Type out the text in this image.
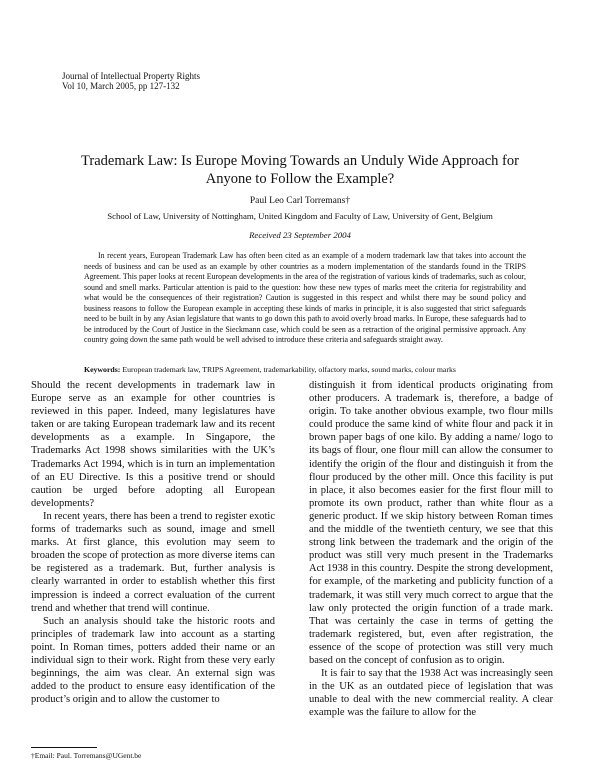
Journal of Intellectual Property Rights
Vol 10, March 2005, pp 127-132
Trademark Law: Is Europe Moving Towards an Unduly Wide Approach for
Anyone to Follow the Example?
Paul Leo Carl Torremans†
School of Law, University of Nottingham, United Kingdom and Faculty of Law, University of Gent, Belgium
Received 23 September 2004

In recent years, European Trademark Law has often been cited as an example of a modern trademark law that takes into account the needs of business and can be used as an example by other countries as a modern implementation of the standards found in the TRIPS Agreement. This paper looks at recent European developments in the area of the registration of various kinds of trademarks, such as colour, sound and smell marks. Particular attention is paid to the question: how these new types of marks meet the criteria for registrability and what would be the consequences of their registration? Caution is suggested in this respect and whilst there may be sound policy and business reasons to follow the European example in accepting these kinds of marks in principle, it is also suggested that strict safeguards need to be built in by any Asian legislature that wants to go down this path to avoid overly broad marks. In Europe, these safeguards had to be introduced by the Court of Justice in the Sieckmann case, which could be seen as a retraction of the original permissive approach. Any country going down the same path would be well advised to introduce these criteria and safeguards straight away.

Keywords: European trademark law, TRIPS Agreement, trademarkability, olfactory marks, sound marks, colour marks

Should the recent developments in trademark law in Europe serve as an example for other countries is reviewed in this paper. Indeed, many legislatures have taken or are taking European trademark law and its recent developments as a example. In Singapore, the Trademarks Act 1998 shows similarities with the UK’s Trademarks Act 1994, which is in turn an implementation of an EU Directive. Is this a positive trend or should caution be urged before adopting all European developments?

In recent years, there has been a trend to register exotic forms of trademarks such as sound, image and smell marks. At first glance, this evolution may seem to broaden the scope of protection as more diverse items can be registered as a trademark. But, further analysis is clearly warranted in order to establish whether this first impression is indeed a correct evaluation of the current trend and whether that trend will continue.

Such an analysis should take the historic roots and principles of trademark law into account as a starting point. In Roman times, potters added their name or an individual sign to their work. Right from these very early beginnings, the aim was clear. An external sign was added to the product to ensure easy identification of the product’s origin and to allow the customer to

distinguish it from identical products originating from other producers. A trademark is, therefore, a badge of origin. To take another obvious example, two flour mills could produce the same kind of white flour and pack it in brown paper bags of one kilo. By adding a name/ logo to its bags of flour, one flour mill can allow the consumer to identify the origin of the flour and distinguish it from the flour produced by the other mill. Once this facility is put in place, it also becomes easier for the first flour mill to promote its own product, rather than white flour as a generic product. If we skip history between Roman times and the middle of the twentieth century, we see that this strong link between the trademark and the origin of the product was still very much present in the Trademarks Act 1938 in this country. Despite the strong development, for example, of the marketing and publicity function of a trademark, it was still very much correct to argue that the law only protected the origin function of a trade mark. That was certainly the case in terms of getting the trademark registered, but, even after registration, the essence of the scope of protection was still very much based on the concept of confusion as to origin.

It is fair to say that the 1938 Act was increasingly seen in the UK as an outdated piece of legislation that was unable to deal with the new commercial reality. A clear example was the failure to allow for the

†Email: Paul. Torremans@UGent.be
